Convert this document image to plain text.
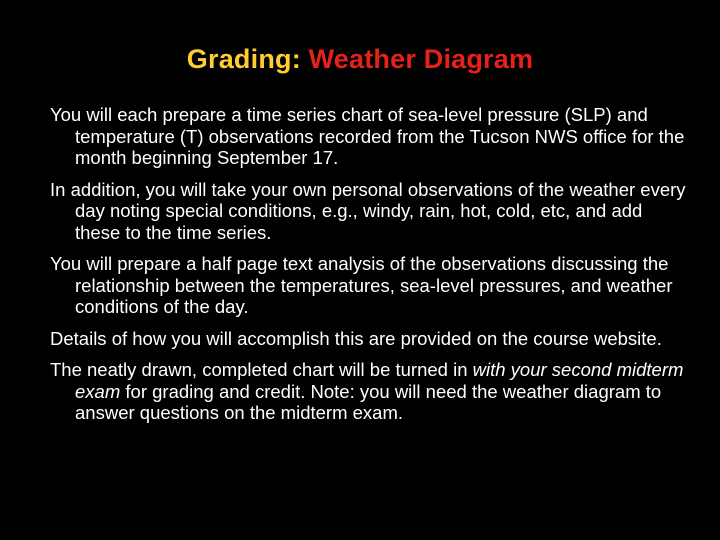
Grading: Weather Diagram

You will each prepare a time series chart of sea-level pressure (SLP) and temperature (T) observations recorded from the Tucson NWS office for the month beginning September 17.

In addition, you will take your own personal observations of the weather every day noting special conditions, e.g., windy, rain, hot, cold, etc, and add these to the time series.

You will prepare a half page text analysis of the observations discussing the relationship between the temperatures, sea-level pressures, and weather conditions of the day.

Details of how you will accomplish this are provided on the course website.

The neatly drawn, completed chart will be turned in with your second midterm exam for grading and credit. Note: you will need the weather diagram to answer questions on the midterm exam.
